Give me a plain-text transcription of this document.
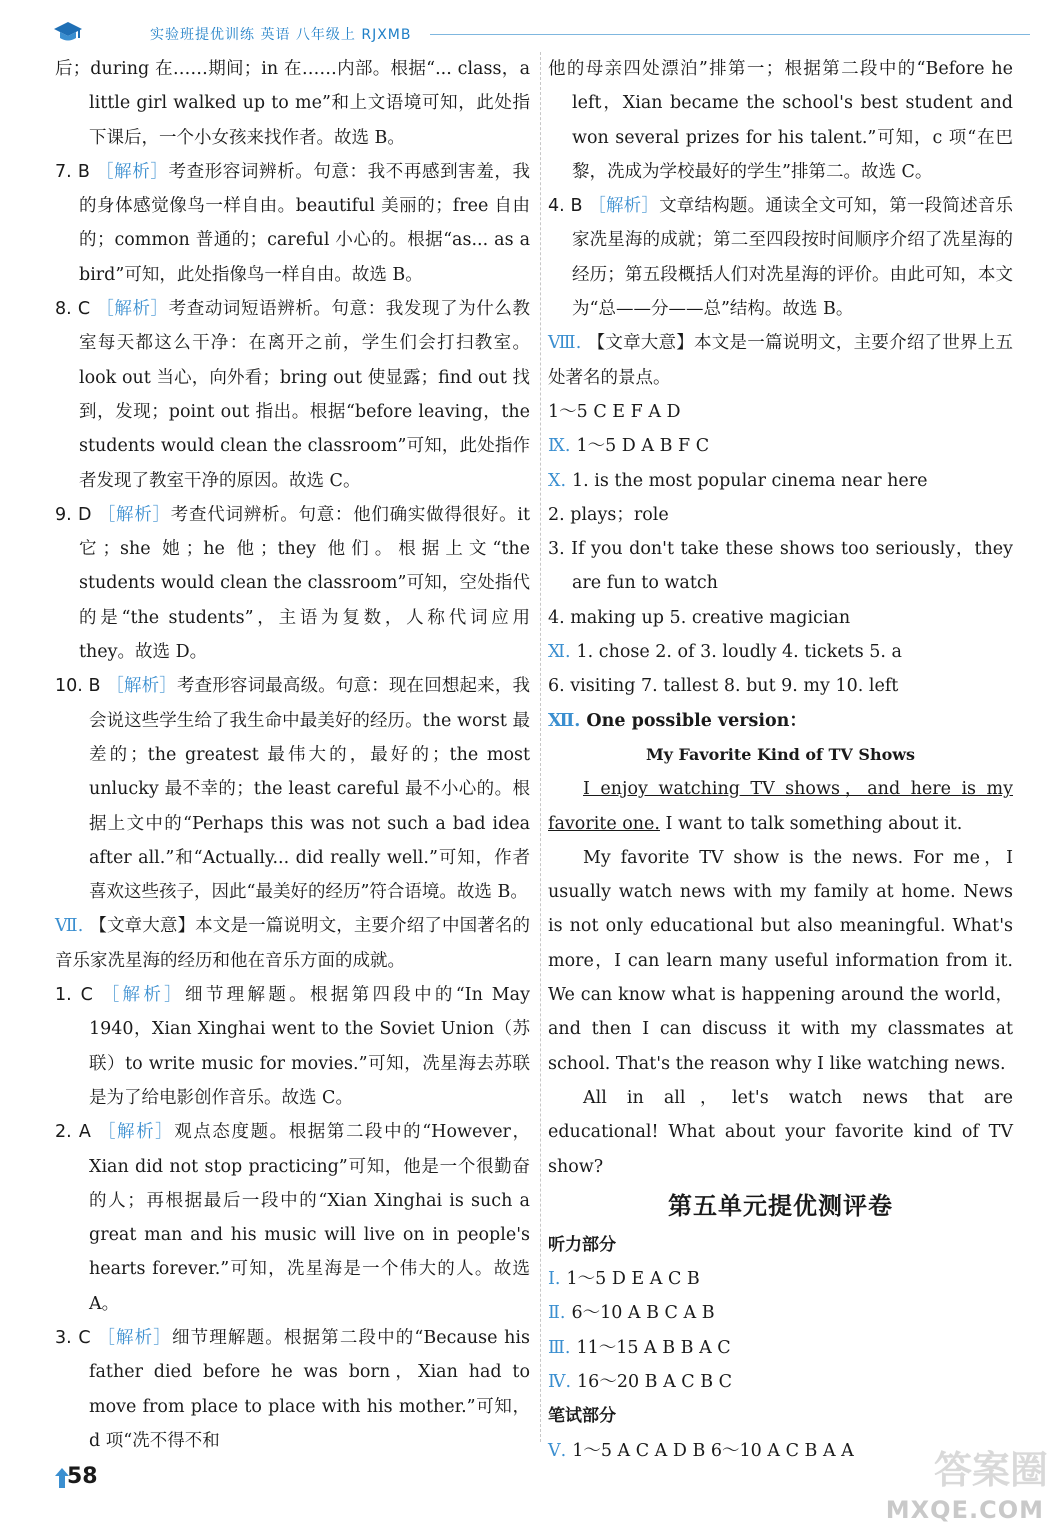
实验班提优训练 英语 八年级上 RJXMB

后；during 在……期间；in 在……内部。根据“... class，a little girl walked up to me”和上文语境可知，此处指下课后，一个小女孩来找作者。故选 B。

7. B ［解析］考查形容词辨析。句意：我不再感到害羞，我的身体感觉像鸟一样自由。beautiful 美丽的；free 自由的；common 普通的；careful 小心的。根据“as... as a bird”可知，此处指像鸟一样自由。故选 B。

8. C ［解析］考查动词短语辨析。句意：我发现了为什么教室每天都这么干净：在离开之前，学生们会打扫教室。look out 当心，向外看；bring out 使显露；find out 找到，发现；point out 指出。根据“before leaving，the students would clean the classroom”可知，此处指作者发现了教室干净的原因。故选 C。

9. D ［解析］考查代词辨析。句意：他们确实做得很好。it 它；she 她；he 他；they 他们。根据上文“the students would clean the classroom”可知，空处指代的是“the students”，主语为复数，人称代词应用 they。故选 D。

10. B ［解析］考查形容词最高级。句意：现在回想起来，我会说这些学生给了我生命中最美好的经历。the worst 最差的；the greatest 最伟大的，最好的；the most unlucky 最不幸的；the least careful 最不小心的。根据上文中的“Perhaps this was not such a bad idea after all.”和“Actually... did really well.”可知，作者喜欢这些孩子，因此“最美好的经历”符合语境。故选 B。

Ⅶ. 【文章大意】本文是一篇说明文，主要介绍了中国著名的音乐家冼星海的经历和他在音乐方面的成就。

1. C ［解析］细节理解题。根据第四段中的“In May 1940，Xian Xinghai went to the Soviet Union（苏联）to write music for movies.”可知，冼星海去苏联是为了给电影创作音乐。故选 C。

2. A ［解析］观点态度题。根据第二段中的“However，Xian did not stop practicing”可知，他是一个很勤奋的人；再根据最后一段中的“Xian Xinghai is such a great man and his music will live on in people's hearts forever.”可知，冼星海是一个伟大的人。故选 A。

3. C ［解析］细节理解题。根据第二段中的“Because his father died before he was born，Xian had to move from place to place with his mother.”可知，d 项“冼不得不和

他的母亲四处漂泊”排第一；根据第二段中的“Before he left，Xian became the school's best student and won several prizes for his talent.”可知，c 项“在巴黎，冼成为学校最好的学生”排第二。故选 C。

4. B ［解析］文章结构题。通读全文可知，第一段简述音乐家冼星海的成就；第二至四段按时间顺序介绍了冼星海的经历；第五段概括人们对冼星海的评价。由此可知，本文为“总——分——总”结构。故选 B。

Ⅷ. 【文章大意】本文是一篇说明文，主要介绍了世界上五处著名的景点。

1～5 C E F A D

Ⅸ. 1～5 D A B F C

Ⅹ. 1. is the most popular cinema near here

2. plays；role

3. If you don't take these shows too seriously，they are fun to watch

4. making up 5. creative magician

Ⅺ. 1. chose 2. of 3. loudly 4. tickets 5. a

6. visiting 7. tallest 8. but 9. my 10. left

Ⅻ. One possible version：

My Favorite Kind of TV Shows

I enjoy watching TV shows，and here is my favorite one. I want to talk something about it.

My favorite TV show is the news. For me，I usually watch news with my family at home. News is not only educational but also meaningful. What's more，I can learn many useful information from it. We can know what is happening around the world，and then I can discuss it with my classmates at school. That's the reason why I like watching news.

All in all，let's watch news that are educational! What about your favorite kind of TV show?

第五单元提优测评卷

听力部分

Ⅰ. 1～5 D E A C B

Ⅱ. 6～10 A B C A B

Ⅲ. 11～15 A B B A C

Ⅳ. 16～20 B A C B C

笔试部分

Ⅴ. 1～5 A C A D B 6～10 A C B A A

58	答案圈
MXQE.COM
